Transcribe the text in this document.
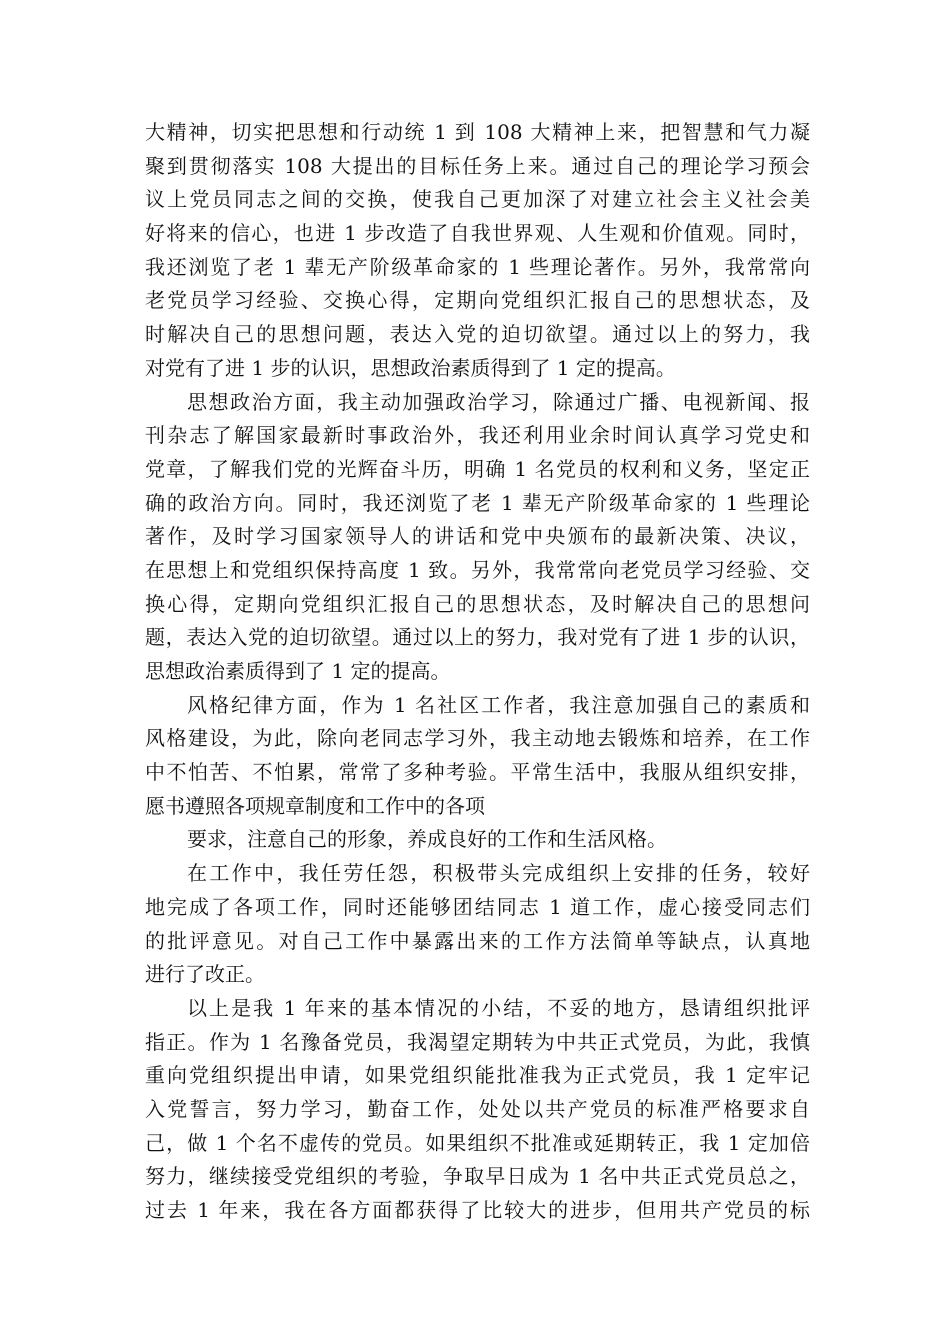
大精神，切实把思想和行动统 1 到 108 大精神上来，把智慧和气力凝
聚到贯彻落实 108 大提出的目标任务上来。通过自己的理论学习预会
议上党员同志之间的交换，使我自己更加深了对建立社会主义社会美
好将来的信心，也进 1 步改造了自我世界观、人生观和价值观。同时，
我还浏览了老 1 辈无产阶级革命家的 1 些理论著作。另外，我常常向
老党员学习经验、交换心得，定期向党组织汇报自己的思想状态，及
时解决自己的思想问题，表达入党的迫切欲望。通过以上的努力，我
对党有了进 1 步的认识，思想政治素质得到了 1 定的提高。
思想政治方面，我主动加强政治学习，除通过广播、电视新闻、报
刊杂志了解国家最新时事政治外，我还利用业余时间认真学习党史和
党章，了解我们党的光辉奋斗历，明确 1 名党员的权利和义务，坚定正
确的政治方向。同时，我还浏览了老 1 辈无产阶级革命家的 1 些理论
著作，及时学习国家领导人的讲话和党中央颁布的最新决策、决议，
在思想上和党组织保持高度 1 致。另外，我常常向老党员学习经验、交
换心得，定期向党组织汇报自己的思想状态，及时解决自己的思想问
题，表达入党的迫切欲望。通过以上的努力，我对党有了进 1 步的认识，
思想政治素质得到了 1 定的提高。
风格纪律方面，作为 1 名社区工作者，我注意加强自己的素质和
风格建设，为此，除向老同志学习外，我主动地去锻炼和培养，在工作
中不怕苦、不怕累，常常了多种考验。平常生活中，我服从组织安排，
愿书遵照各项规章制度和工作中的各项
要求，注意自己的形象，养成良好的工作和生活风格。
在工作中，我任劳任怨，积极带头完成组织上安排的任务，较好
地完成了各项工作，同时还能够团结同志 1 道工作，虚心接受同志们
的批评意见。对自己工作中暴露出来的工作方法简单等缺点，认真地
进行了改正。
以上是我 1 年来的基本情况的小结，不妥的地方，恳请组织批评
指正。作为 1 名豫备党员，我渴望定期转为中共正式党员，为此，我慎
重向党组织提出申请，如果党组织能批准我为正式党员，我 1 定牢记
入党誓言，努力学习，勤奋工作，处处以共产党员的标准严格要求自
己，做 1 个名不虚传的党员。如果组织不批准或延期转正，我 1 定加倍
努力，继续接受党组织的考验，争取早日成为 1 名中共正式党员总之，
过去 1 年来，我在各方面都获得了比较大的进步，但用共产党员的标
